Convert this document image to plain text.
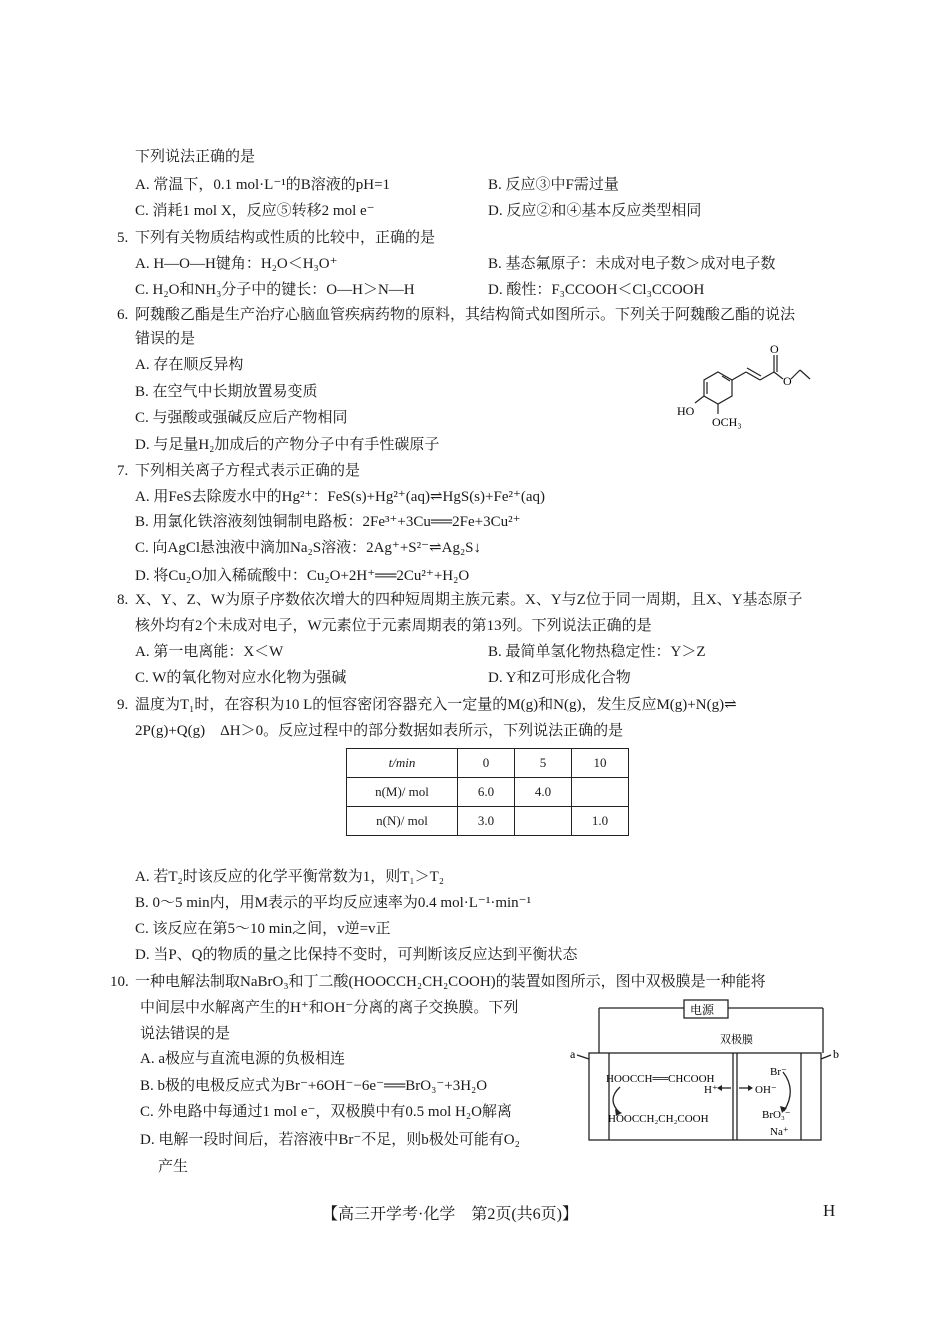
下列说法正确的是
A. 常温下，0.1 mol·L⁻¹的B溶液的pH=1	B. 反应③中F需过量
C. 消耗1 mol X，反应⑤转移2 mol e⁻	D. 反应②和④基本反应类型相同
5. 下列有关物质结构或性质的比较中，正确的是
A. H—O—H键角：H₂O＜H₃O⁺	B. 基态氟原子：未成对电子数＞成对电子数
C. H₂O和NH₃分子中的键长：O—H＞N—H	D. 酸性：F₃CCOOH＜Cl₃CCOOH
6. 阿魏酸乙酯是生产治疗心脑血管疾病药物的原料，其结构简式如图所示。下列关于阿魏酸乙酯的说法
错误的是
A. 存在顺反异构
B. 在空气中长期放置易变质
C. 与强酸或强碱反应后产物相同
D. 与足量H₂加成后的产物分子中有手性碳原子
O
O
HO
OCH₃
7. 下列相关离子方程式表示正确的是
A. 用FeS去除废水中的Hg²⁺：FeS(s)+Hg²⁺(aq)⇌HgS(s)+Fe²⁺(aq)
B. 用氯化铁溶液刻蚀铜制电路板：2Fe³⁺+3Cu══2Fe+3Cu²⁺
C. 向AgCl悬浊液中滴加Na₂S溶液：2Ag⁺+S²⁻⇌Ag₂S↓
D. 将Cu₂O加入稀硫酸中：Cu₂O+2H⁺══2Cu²⁺+H₂O
8. X、Y、Z、W为原子序数依次增大的四种短周期主族元素。X、Y与Z位于同一周期，且X、Y基态原子
核外均有2个未成对电子，W元素位于元素周期表的第13列。下列说法正确的是
A. 第一电离能：X＜W	B. 最简单氢化物热稳定性：Y＞Z
C. W的氧化物对应水化物为强碱	D. Y和Z可形成化合物
9. 温度为T₁时，在容积为10 L的恒容密闭容器充入一定量的M(g)和N(g)，发生反应M(g)+N(g)⇌
2P(g)+Q(g)　ΔH＞0。反应过程中的部分数据如表所示，下列说法正确的是
t/min	0	5	10
n(M)/ mol	6.0	4.0	
n(N)/ mol	3.0		1.0
A. 若T₂时该反应的化学平衡常数为1，则T₁＞T₂
B. 0～5 min内，用M表示的平均反应速率为0.4 mol·L⁻¹·min⁻¹
C. 该反应在第5～10 min之间，v逆=v正
D. 当P、Q的物质的量之比保持不变时，可判断该反应达到平衡状态
10. 一种电解法制取NaBrO₃和丁二酸(HOOCCH₂CH₂COOH)的装置如图所示，图中双极膜是一种能将
中间层中水解离产生的H⁺和OH⁻分离的离子交换膜。下列
说法错误的是
A. a极应与直流电源的负极相连
B. b极的电极反应式为Br⁻+6OH⁻−6e⁻══BrO₃⁻+3H₂O
C. 外电路中每通过1 mol e⁻，双极膜中有0.5 mol H₂O解离
D. 电解一段时间后，若溶液中Br⁻不足，则b极处可能有O₂
产生
电源
双极膜
a	b
HOOCCH══CHCOOH
H⁺	OH⁻
HOOCCH₂CH₂COOH
Br⁻
BrO₃⁻
Na⁺
【高三开学考·化学　第2页(共6页)】	H
